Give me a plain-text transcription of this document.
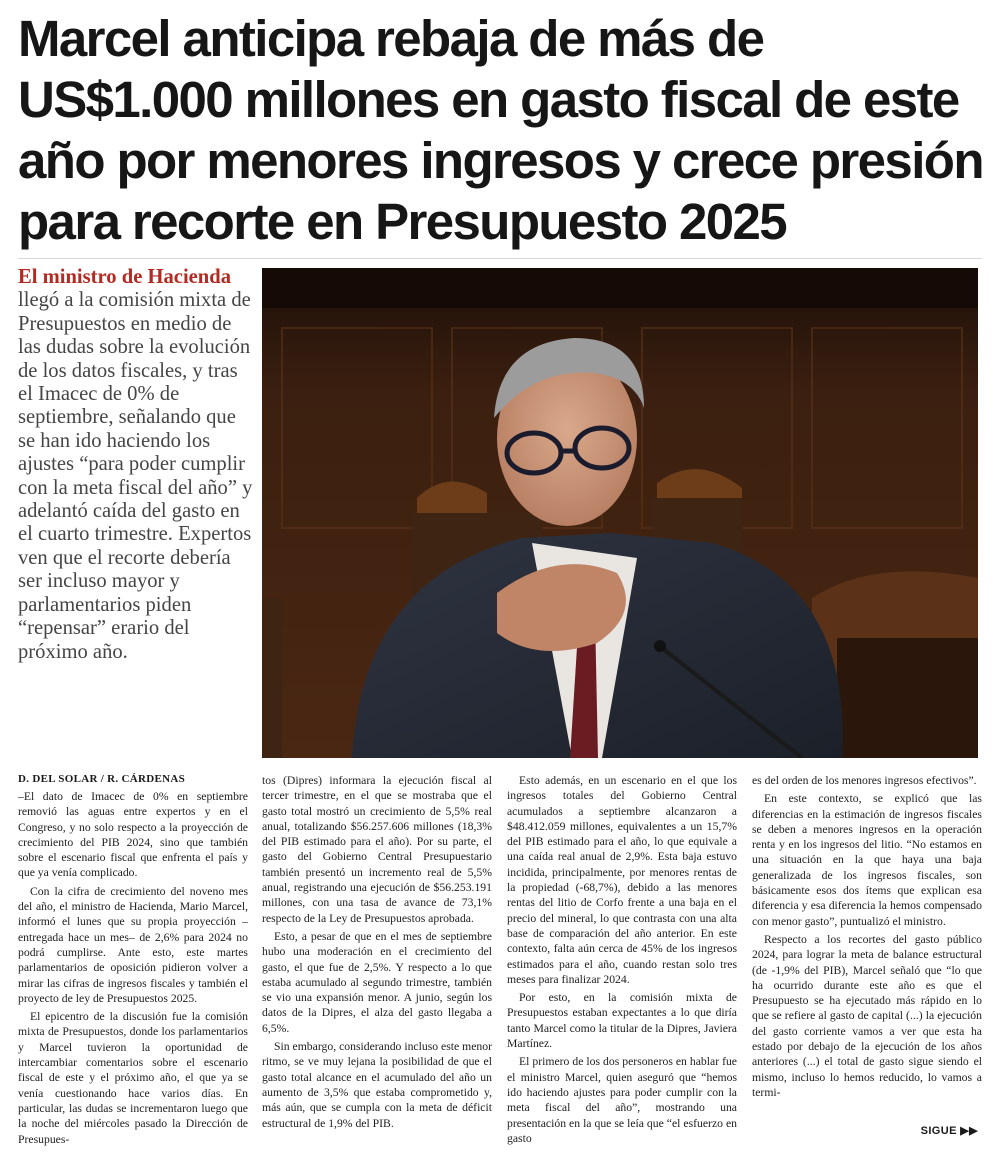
Marcel anticipa rebaja de más de US$1.000 millones en gasto fiscal de este año por menores ingresos y crece presión para recorte en Presupuesto 2025

El ministro de Hacienda llegó a la comisión mixta de Presupuestos en medio de las dudas sobre la evolución de los datos fiscales, y tras el Imacec de 0% de septiembre, señalando que se han ido haciendo los ajustes “para poder cumplir con la meta fiscal del año” y adelantó caída del gasto en el cuarto trimestre. Expertos ven que el recorte debería ser incluso mayor y parlamentarios piden “repensar” erario del próximo año.

D. DEL SOLAR / R. CÁRDENAS

–El dato de Imacec de 0% en septiembre removió las aguas entre expertos y en el Congreso, y no solo respecto a la proyección de crecimiento del PIB 2024, sino que también sobre el escenario fiscal que enfrenta el país y que ya venía complicado.

Con la cifra de crecimiento del noveno mes del año, el ministro de Hacienda, Mario Marcel, informó el lunes que su propia proyección –entregada hace un mes– de 2,6% para 2024 no podrá cumplirse. Ante esto, este martes parlamentarios de oposición pidieron volver a mirar las cifras de ingresos fiscales y también el proyecto de ley de Presupuestos 2025.

El epicentro de la discusión fue la comisión mixta de Presupuestos, donde los parlamentarios y Marcel tuvieron la oportunidad de intercambiar comentarios sobre el escenario fiscal de este y el próximo año, el que ya se venía cuestionando hace varios días. En particular, las dudas se incrementaron luego que la noche del miércoles pasado la Dirección de Presupues-

tos (Dipres) informara la ejecución fiscal al tercer trimestre, en el que se mostraba que el gasto total mostró un crecimiento de 5,5% real anual, totalizando $56.257.606 millones (18,3% del PIB estimado para el año). Por su parte, el gasto del Gobierno Central Presupuestario también presentó un incremento real de 5,5% anual, registrando una ejecución de $56.253.191 millones, con una tasa de avance de 73,1% respecto de la Ley de Presupuestos aprobada.

Esto, a pesar de que en el mes de septiembre hubo una moderación en el crecimiento del gasto, el que fue de 2,5%. Y respecto a lo que estaba acumulado al segundo trimestre, también se vio una expansión menor. A junio, según los datos de la Dipres, el alza del gasto llegaba a 6,5%.

Sin embargo, considerando incluso este menor ritmo, se ve muy lejana la posibilidad de que el gasto total alcance en el acumulado del año un aumento de 3,5% que estaba comprometido y, más aún, que se cumpla con la meta de déficit estructural de 1,9% del PIB.

Esto además, en un escenario en el que los ingresos totales del Gobierno Central acumulados a septiembre alcanzaron a $48.412.059 millones, equivalentes a un 15,7% del PIB estimado para el año, lo que equivale a una caída real anual de 2,9%. Esta baja estuvo incidida, principalmente, por menores rentas de la propiedad (-68,7%), debido a las menores rentas del litio de Corfo frente a una baja en el precio del mineral, lo que contrasta con una alta base de comparación del año anterior. En este contexto, falta aún cerca de 45% de los ingresos estimados para el año, cuando restan solo tres meses para finalizar 2024.

Por esto, en la comisión mixta de Presupuestos estaban expectantes a lo que diría tanto Marcel como la titular de la Dipres, Javiera Martínez.

El primero de los dos personeros en hablar fue el ministro Marcel, quien aseguró que “hemos ido haciendo ajustes para poder cumplir con la meta fiscal del año”, mostrando una presentación en la que se leía que “el esfuerzo en gasto

es del orden de los menores ingresos efectivos”.

En este contexto, se explicó que las diferencias en la estimación de ingresos fiscales se deben a menores ingresos en la operación renta y en los ingresos del litio. “No estamos en una situación en la que haya una baja generalizada de los ingresos fiscales, son básicamente esos dos ítems que explican esa diferencia y esa diferencia la hemos compensado con menor gasto”, puntualizó el ministro.

Respecto a los recortes del gasto público 2024, para lograr la meta de balance estructural (de -1,9% del PIB), Marcel señaló que “lo que ha ocurrido durante este año es que el Presupuesto se ha ejecutado más rápido en lo que se refiere al gasto de capital (...) la ejecución del gasto corriente vamos a ver que esta ha estado por debajo de la ejecución de los años anteriores (...) el total de gasto sigue siendo el mismo, incluso lo hemos reducido, lo vamos a termi-

SIGUE ▶▶
